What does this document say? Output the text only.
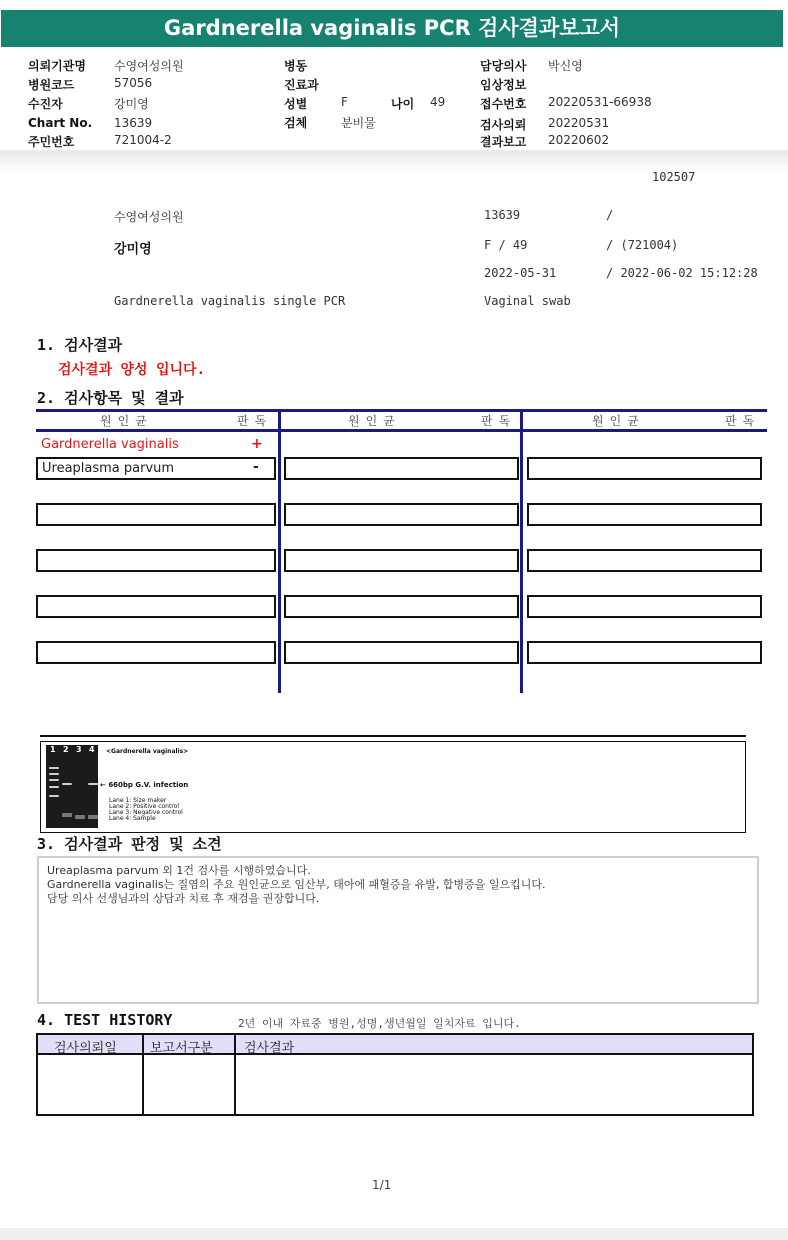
Gardnerella vaginalis PCR 검사결과보고서
의뢰기관명 수영여성의원
병원코드	57056
수진자	강미영
Chart No. 13639
주민번호	721004-2
병동
진료과
성별	F	나이 49
검체	분비물
담당의사 박신영
임상정보
접수번호 20220531-66938
검사의뢰 20220531
결과보고 20220602
102507
수영여성의원	13639	/
강미영	F / 49	/ (721004)
2022-05-31	/ 2022-06-02 15:12:28
Gardnerella vaginalis single PCR	Vaginal swab
1. 검사결과
검사결과 양성 입니다.
2. 검사항목 및 결과
원인균	판독	원인균	판독	원인균	판독
Gardnerella vaginalis	+
Ureaplasma parvum	-
1 2 3 4 <Gardnerella vaginalis>
← 660bp G.V. infection
Lane 1: Size maker
Lane 2: Positive control
Lane 3: Negative control
Lane 4: Sample
3. 검사결과 판정 및 소견
Ureaplasma parvum 외 1건 검사를 시행하였습니다.
Gardnerella vaginalis는 질염의 주요 원인균으로 임산부, 태아에 패혈증을 유발, 합병증을 일으킵니다.
담당 의사 선생님과의 상담과 치료 후 재검을 권장합니다.
4. TEST HISTORY	2년 이내 자료중 병원,성명,생년월일 일치자료 입니다.
검사의뢰일	보고서구분 검사결과
1/1
